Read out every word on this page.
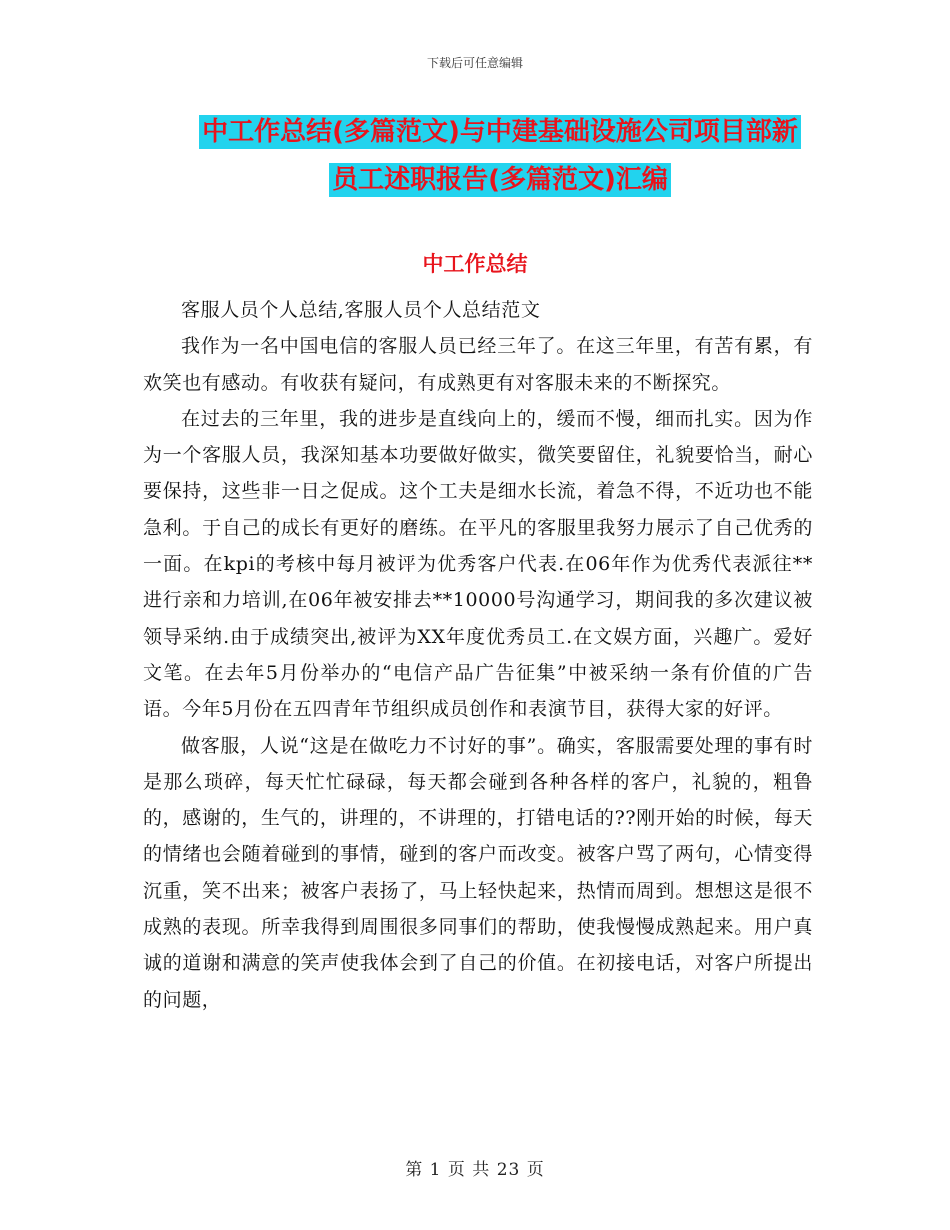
下载后可任意编辑
中工作总结(多篇范文)与中建基础设施公司项目部新
员工述职报告(多篇范文)汇编
中工作总结

客服人员个人总结,客服人员个人总结范文

我作为一名中国电信的客服人员已经三年了。在这三年里，有苦有累，有欢笑也有感动。有收获有疑问，有成熟更有对客服未来的不断探究。

在过去的三年里，我的进步是直线向上的，缓而不慢，细而扎实。因为作为一个客服人员，我深知基本功要做好做实，微笑要留住，礼貌要恰当，耐心要保持，这些非一日之促成。这个工夫是细水长流，着急不得，不近功也不能急利。于自己的成长有更好的磨练。在平凡的客服里我努力展示了自己优秀的一面。在kpi的考核中每月被评为优秀客户代表.在06年作为优秀代表派往**进行亲和力培训,在06年被安排去**10000号沟通学习，期间我的多次建议被领导采纳.由于成绩突出,被评为XX年度优秀员工.在文娱方面，兴趣广。爱好文笔。在去年5月份举办的“电信产品广告征集”中被采纳一条有价值的广告语。今年5月份在五四青年节组织成员创作和表演节目，获得大家的好评。

做客服，人说“这是在做吃力不讨好的事”。确实，客服需要处理的事有时是那么琐碎，每天忙忙碌碌，每天都会碰到各种各样的客户，礼貌的，粗鲁的，感谢的，生气的，讲理的，不讲理的，打错电话的??刚开始的时候，每天的情绪也会随着碰到的事情，碰到的客户而改变。被客户骂了两句，心情变得沉重，笑不出来；被客户表扬了，马上轻快起来，热情而周到。想想这是很不成熟的表现。所幸我得到周围很多同事们的帮助，使我慢慢成熟起来。用户真诚的道谢和满意的笑声使我体会到了自己的价值。在初接电话，对客户所提出的问题，

第 1 页 共 23 页
